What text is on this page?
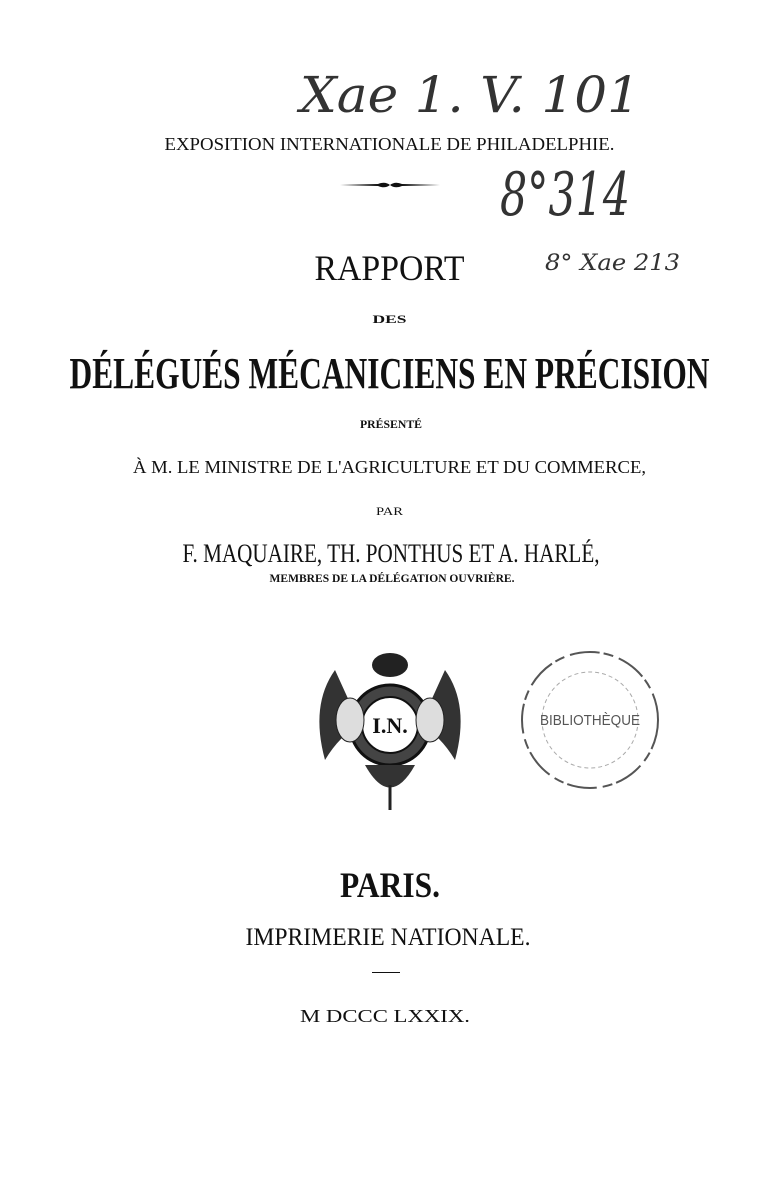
Xae 1. V. 101
EXPOSITION INTERNATIONALE DE PHILADELPHIE.
8°314
RAPPORT	8° Xae 213
DES
DÉLÉGUÉS MÉCANICIENS EN PRÉCISION
PRÉSENTÉ
À M. LE MINISTRE DE L'AGRICULTURE ET DU COMMERCE,
PAR
F. MAQUAIRE, TH. PONTHUS ET A. HARLÉ,
MEMBRES DE LA DÉLÉGATION OUVRIÈRE.
PARIS.
IMPRIMERIE NATIONALE.
M DCCC LXXIX.
I.N.	BIBLIOTHÈQUE
